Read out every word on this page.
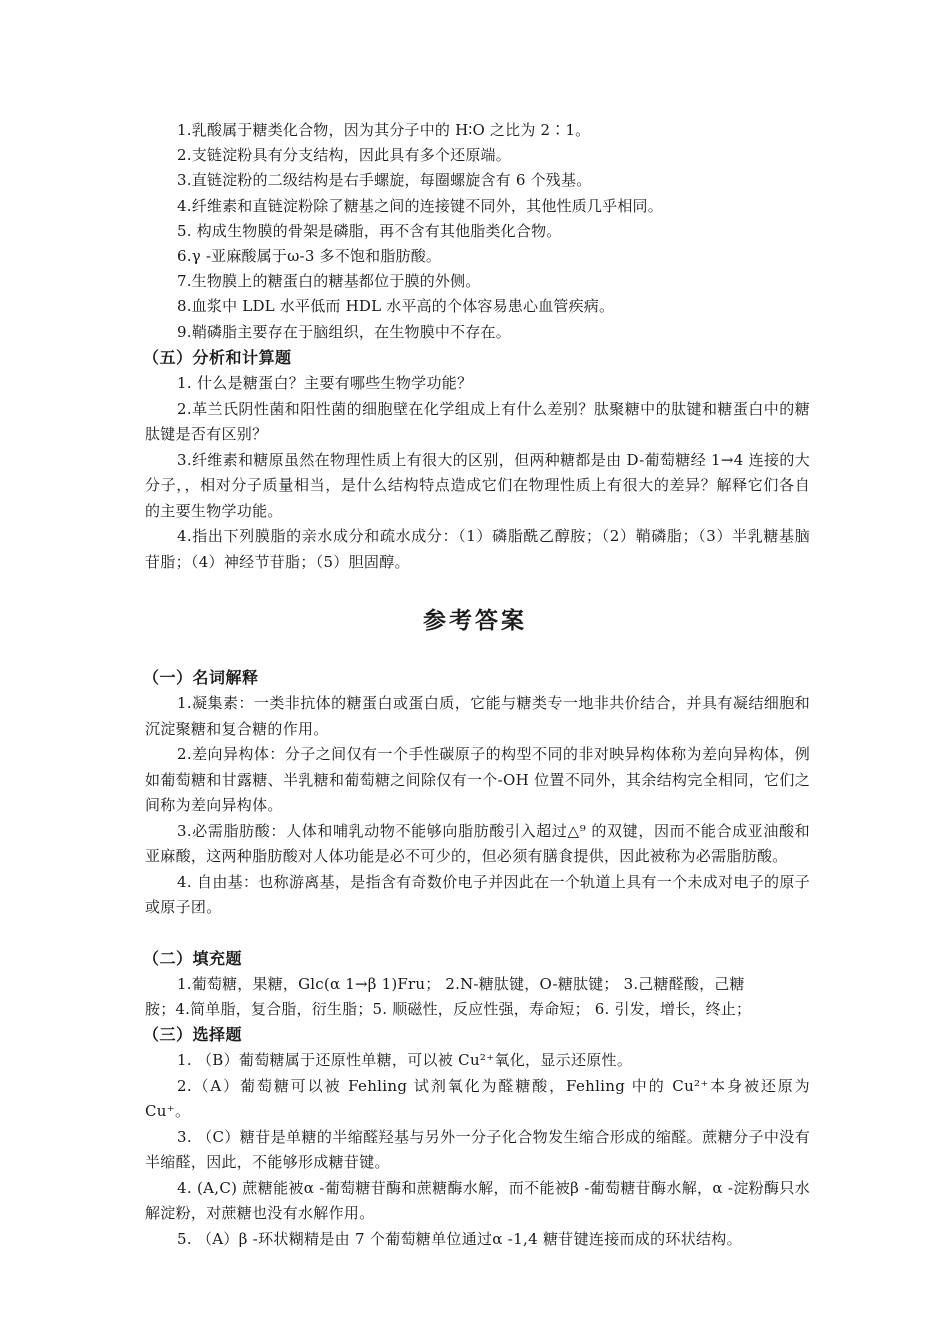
1.乳酸属于糖类化合物，因为其分子中的 H∶O 之比为 2∶1。
2.支链淀粉具有分支结构，因此具有多个还原端。
3.直链淀粉的二级结构是右手螺旋，每圈螺旋含有 6 个残基。
4.纤维素和直链淀粉除了糖基之间的连接键不同外，其他性质几乎相同。
5. 构成生物膜的骨架是磷脂，再不含有其他脂类化合物。
6.γ -亚麻酸属于ω-3 多不饱和脂肪酸。
7.生物膜上的糖蛋白的糖基都位于膜的外侧。
8.血浆中 LDL 水平低而 HDL 水平高的个体容易患心血管疾病。
9.鞘磷脂主要存在于脑组织，在生物膜中不存在。
（五）分析和计算题

1. 什么是糖蛋白？主要有哪些生物学功能？

2.革兰氏阴性菌和阳性菌的细胞壁在化学组成上有什么差别？肽聚糖中的肽键和糖蛋白中的糖肽键是否有区别？

3.纤维素和糖原虽然在物理性质上有很大的区别，但两种糖都是由 D-葡萄糖经 1→4 连接的大分子，，相对分子质量相当，是什么结构特点造成它们在物理性质上有很大的差异？解释它们各自的主要生物学功能。

4.指出下列膜脂的亲水成分和疏水成分：（1）磷脂酰乙醇胺；（2）鞘磷脂；（3）半乳糖基脑苷脂；（4）神经节苷脂；（5）胆固醇。

参考答案
（一）名词解释

1.凝集素：一类非抗体的糖蛋白或蛋白质，它能与糖类专一地非共价结合，并具有凝结细胞和沉淀聚糖和复合糖的作用。

2.差向异构体：分子之间仅有一个手性碳原子的构型不同的非对映异构体称为差向异构体，例如葡萄糖和甘露糖、半乳糖和葡萄糖之间除仅有一个-OH 位置不同外，其余结构完全相同，它们之间称为差向异构体。

3.必需脂肪酸：人体和哺乳动物不能够向脂肪酸引入超过△⁹ 的双键，因而不能合成亚油酸和亚麻酸，这两种脂肪酸对人体功能是必不可少的，但必须有膳食提供，因此被称为必需脂肪酸。

4. 自由基：也称游离基，是指含有奇数价电子并因此在一个轨道上具有一个未成对电子的原子或原子团。

（二）填充题
1.葡萄糖，果糖，Glc(α 1→β 1)Fru； 2.N-糖肽键，O-糖肽键； 3.己糖醛酸，己糖
胺；4.简单脂，复合脂，衍生脂；5. 顺磁性，反应性强，寿命短； 6. 引发，增长，终止；
（三）选择题

1. （B）葡萄糖属于还原性单糖，可以被 Cu²⁺氧化，显示还原性。

2.（A）葡萄糖可以被 Fehling 试剂氧化为醛糖酸，Fehling 中的 Cu²⁺本身被还原为 Cu⁺。

3. （C）糖苷是单糖的半缩醛羟基与另外一分子化合物发生缩合形成的缩醛。蔗糖分子中没有半缩醛，因此，不能够形成糖苷键。

4. (A,C) 蔗糖能被α -葡萄糖苷酶和蔗糖酶水解，而不能被β -葡萄糖苷酶水解，α -淀粉酶只水解淀粉，对蔗糖也没有水解作用。

5. （A）β -环状糊精是由 7 个葡萄糖单位通过α -1,4 糖苷键连接而成的环状结构。
